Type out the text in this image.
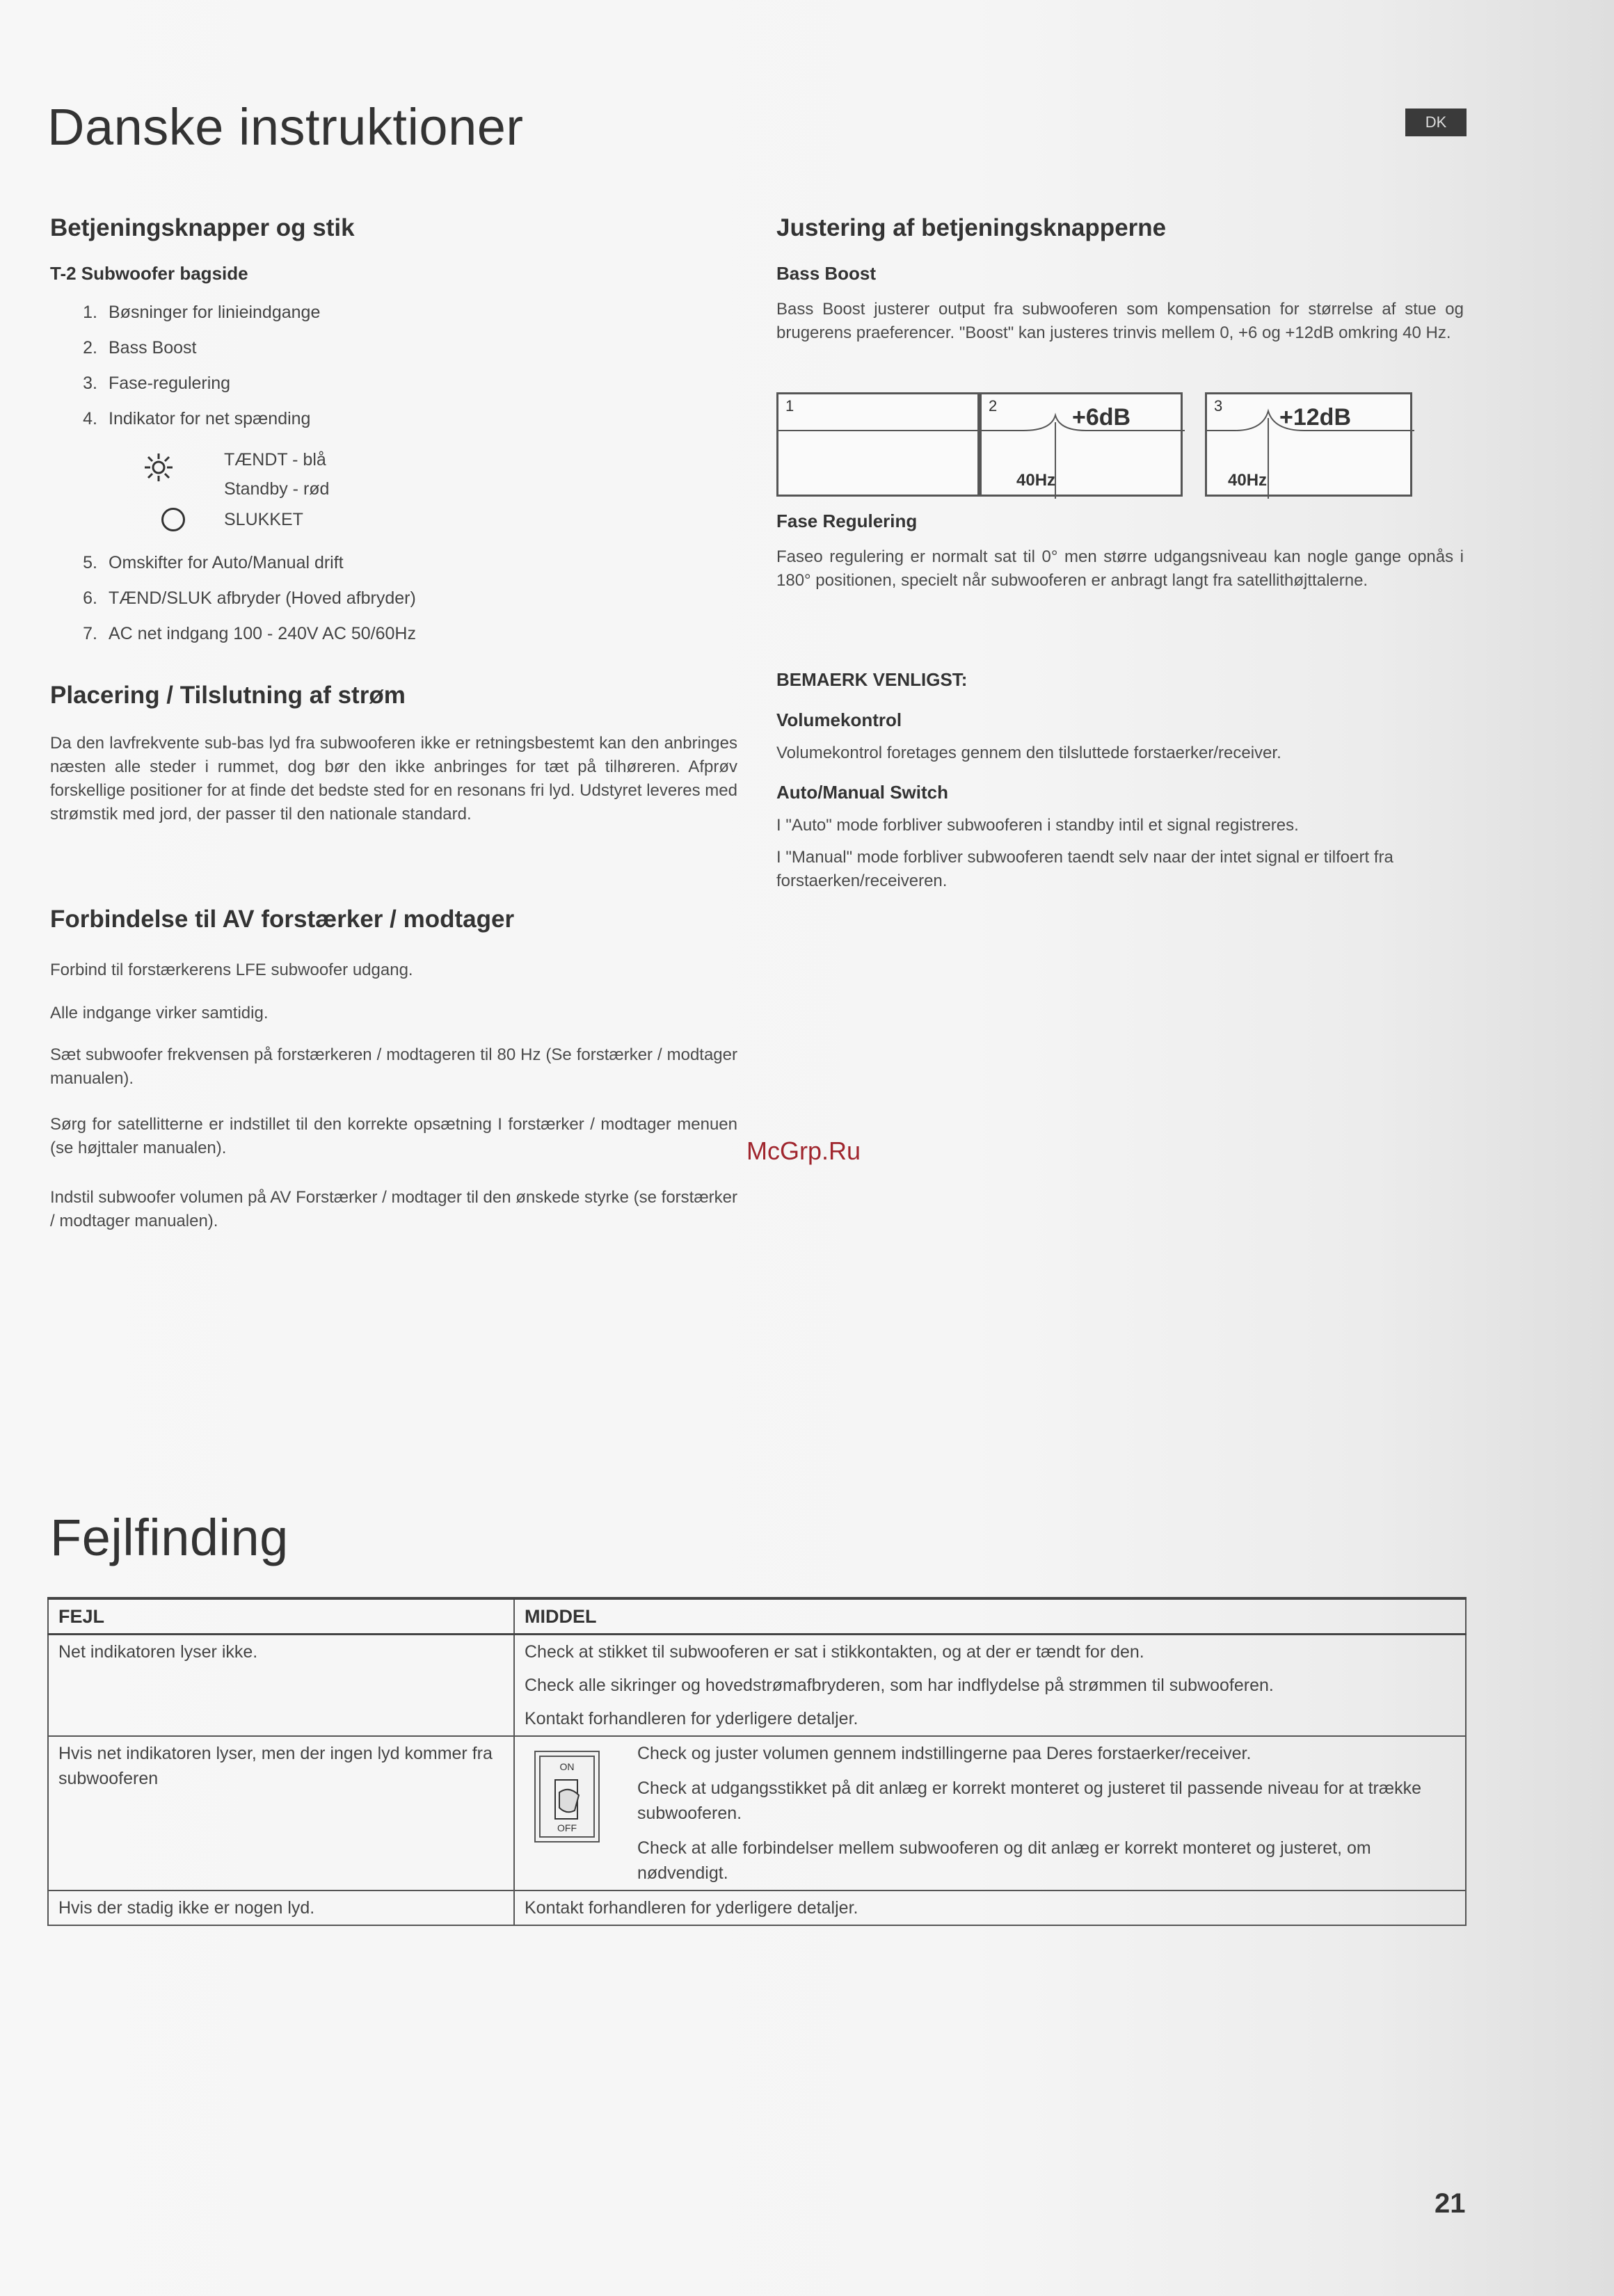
Danske instruktioner	DK
Betjeningsknapper og stik
T-2 Subwoofer bagside
1. Bøsninger for linieindgange
2. Bass Boost
3. Fase-regulering
4. Indikator for net spænding
TÆNDT - blå
Standby - rød
SLUKKET
5. Omskifter for Auto/Manual drift
6. TÆND/SLUK afbryder (Hoved afbryder)
7. AC net indgang 100 - 240V AC 50/60Hz
Placering / Tilslutning af strøm
Da den lavfrekvente sub-bas lyd fra subwooferen ikke er retningsbestemt kan den anbringes næsten alle steder i rummet, dog bør den ikke anbringes for tæt på tilhøreren. Afprøv forskellige positioner for at finde det bedste sted for en resonans fri lyd. Udstyret leveres med strømstik med jord, der passer til den nationale standard.
Forbindelse til AV forstærker / modtager
Forbind til forstærkerens LFE subwoofer udgang.
Alle indgange virker samtidig.
Sæt subwoofer frekvensen på forstærkeren / modtageren til 80 Hz (Se forstærker / modtager manualen).
Sørg for satellitterne er indstillet til den korrekte opsætning I forstærker / modtager menuen (se højttaler manualen).
Indstil subwoofer volumen på AV Forstærker / modtager til den ønskede styrke (se forstærker / modtager manualen).
Justering af betjeningsknapperne
Bass Boost
Bass Boost justerer output fra subwooferen som kompensation for størrelse af stue og brugerens praeferencer. "Boost" kan justeres trinvis mellem 0, +6 og +12dB omkring 40 Hz.
1	2	+6dB
40Hz
3 +12dB
40Hz
Fase Regulering
Faseo regulering er normalt sat til 0° men større udgangsniveau kan nogle gange opnås i 180° positionen, specielt når subwooferen er anbragt langt fra satellithøjttalerne.
BEMAERK VENLIGST:
Volumekontrol
Volumekontrol foretages gennem den tilsluttede forstaerker/receiver.
Auto/Manual Switch
I "Auto" mode forbliver subwooferen i standby intil et signal registreres.
I "Manual" mode forbliver subwooferen taendt selv naar der intet signal er tilfoert fra forstaerken/receiveren.
McGrp.Ru
Fejlfinding
FEJL	MIDDEL
Net indikatoren lyser ikke.	Check at stikket til subwooferen er sat i stikkontakten, og at der er tændt for den.
Check alle sikringer og hovedstrømafbryderen, som har indflydelse på strømmen til subwooferen.
Kontakt forhandleren for yderligere detaljer.

Hvis net indikatoren lyser, men der ingen lyd kommer fra subwooferen	ON
OFF
Check og juster volumen gennem indstillingerne paa Deres forstaerker/receiver.
Check at udgangsstikket på dit anlæg er korrekt monteret og justeret til passende niveau for at trække subwooferen.
Check at alle forbindelser mellem subwooferen og dit anlæg er korrekt monteret og justeret, om nødvendigt.

Hvis der stadig ikke er nogen lyd.	Kontakt forhandleren for yderligere detaljer.
21
